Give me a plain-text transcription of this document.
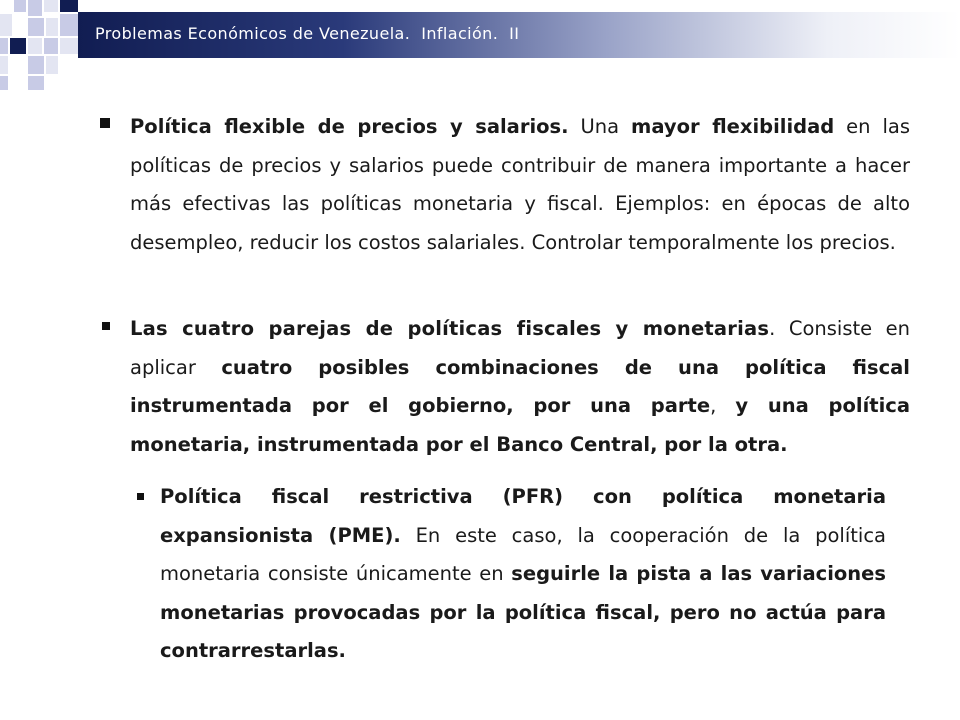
Problemas Económicos de Venezuela.  Inflación.  II

Política flexible de precios y salarios. Una mayor flexibilidad en las políticas de precios y salarios puede contribuir de manera importante a hacer más efectivas las políticas monetaria y fiscal. Ejemplos: en épocas de alto desempleo, reducir los costos salariales. Controlar temporalmente los precios.

Las cuatro parejas de políticas fiscales y monetarias. Consiste en aplicar cuatro posibles combinaciones de una política fiscal instrumentada por el gobierno, por una parte, y una política monetaria, instrumentada por el Banco Central, por la otra.

Política fiscal restrictiva (PFR) con política monetaria expansionista (PME). En este caso, la cooperación de la política monetaria consiste únicamente en seguirle la pista a las variaciones monetarias provocadas por la política fiscal, pero no actúa para contrarrestarlas.
